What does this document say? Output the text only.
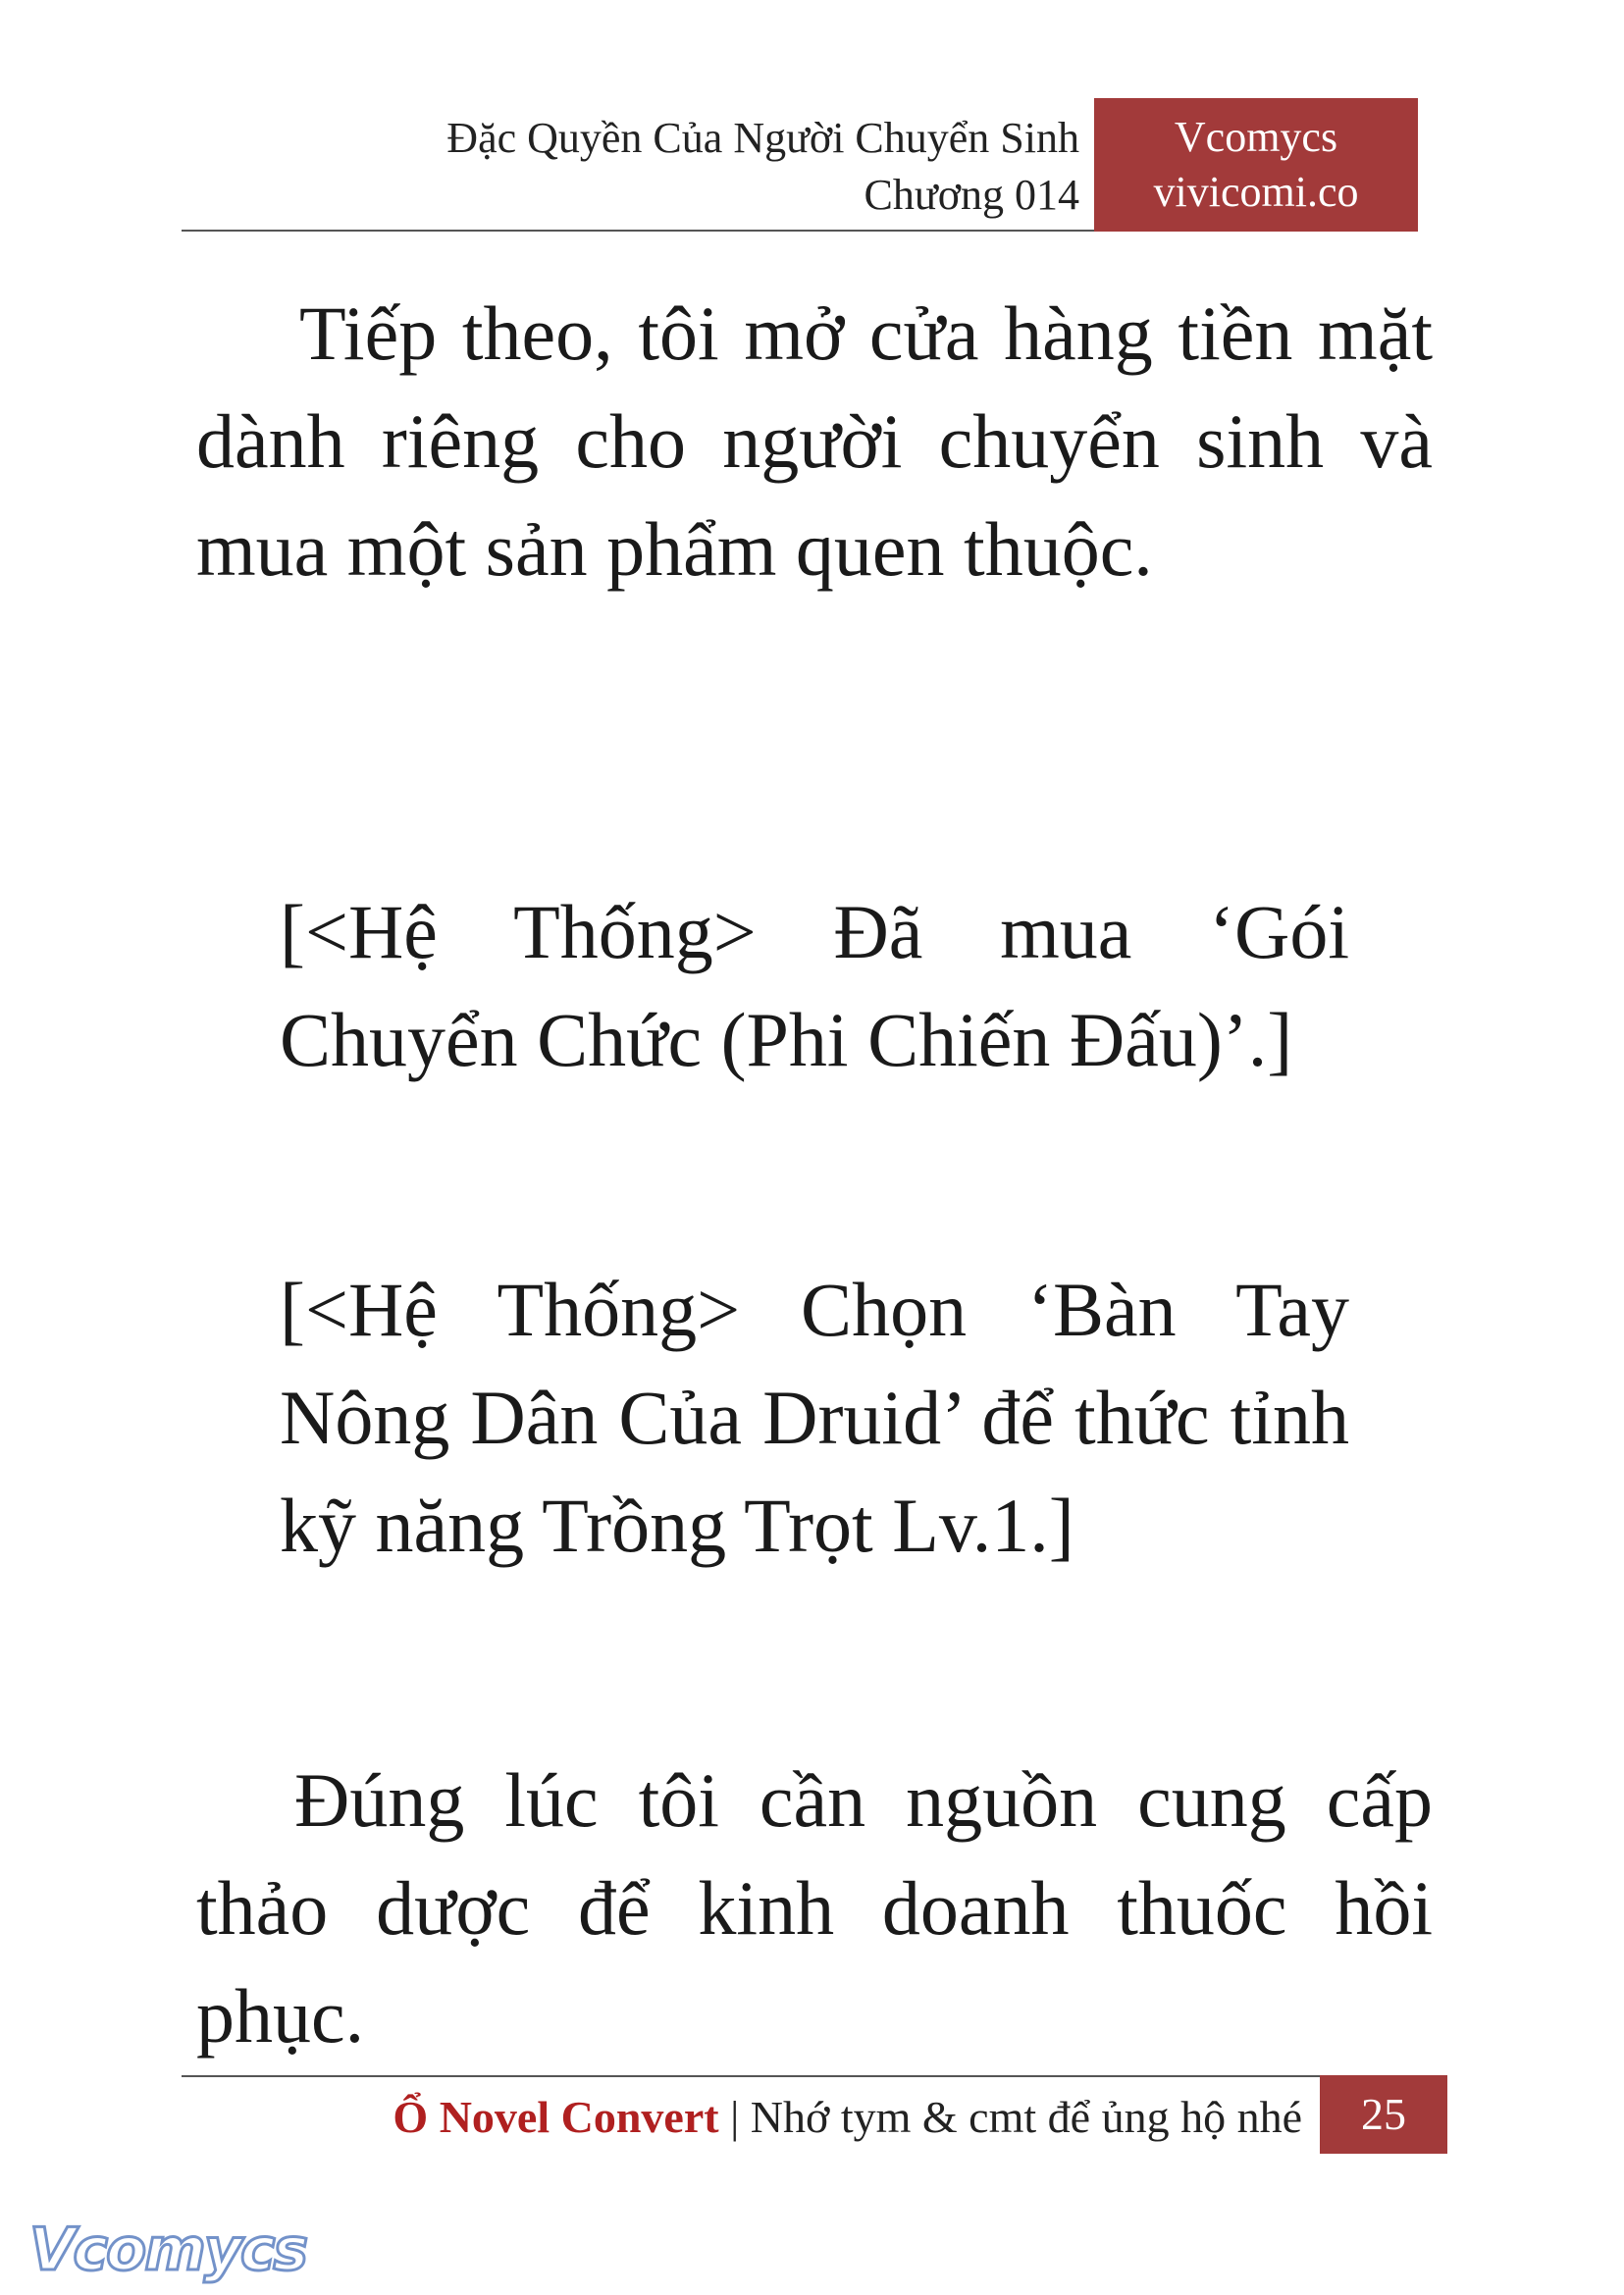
Đặc Quyền Của Người Chuyển Sinh
Chương 014
Vcomycs
vivicomi.co

Tiếp theo, tôi mở cửa hàng tiền mặt dành riêng cho người chuyển sinh và mua một sản phẩm quen thuộc.

[<Hệ Thống> Đã mua ‘Gói Chuyển Chức (Phi Chiến Đấu)’.]

[<Hệ Thống> Chọn ‘Bàn Tay Nông Dân Của Druid’ để thức tỉnh kỹ năng Trồng Trọt Lv.1.]

Đúng lúc tôi cần nguồn cung cấp thảo dược để kinh doanh thuốc hồi phục.

Ổ Novel Convert | Nhớ tym & cmt để ủng hộ nhé	25
Vcomycs
